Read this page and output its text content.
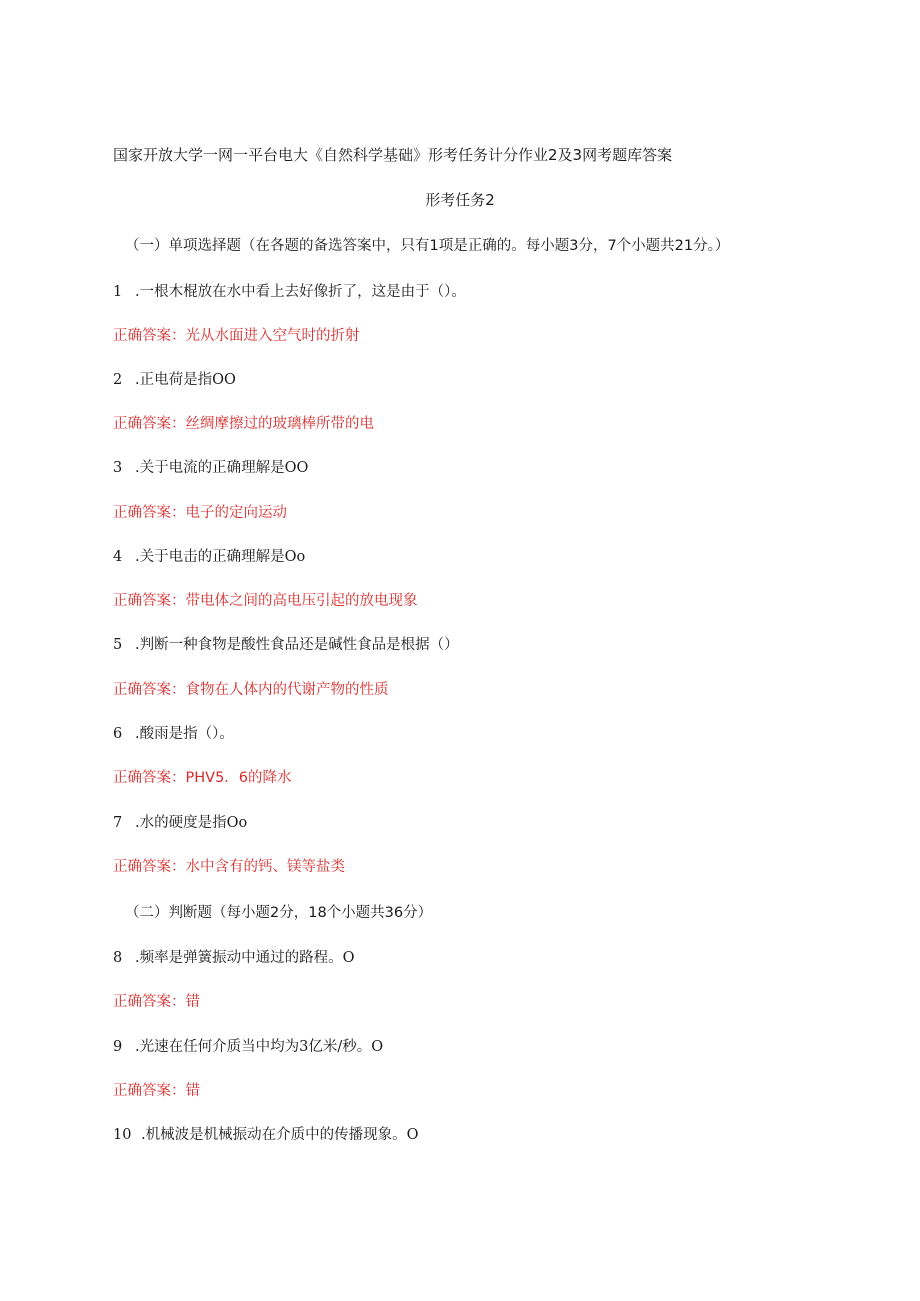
国家开放大学一网一平台电大《自然科学基础》形考任务计分作业2及3网考题库答案
形考任务2
（一）单项选择题（在各题的备选答案中，只有1项是正确的。每小题3分，7个小题共21分。）
1 .一根木棍放在水中看上去好像折了，这是由于（）。
正确答案：光从水面进入空气时的折射
2 .正电荷是指OO
正确答案：丝绸摩擦过的玻璃棒所带的电
3 .关于电流的正确理解是OO
正确答案：电子的定向运动
4 .关于电击的正确理解是Oo
正确答案：带电体之间的高电压引起的放电现象
5 .判断一种食物是酸性食品还是碱性食品是根据（）
正确答案：食物在人体内的代谢产物的性质
6 .酸雨是指（）。
正确答案：PHV5．6的降水
7 .水的硬度是指Oo
正确答案：水中含有的钙、镁等盐类
（二）判断题（每小题2分，18个小题共36分）
8 .频率是弹簧振动中通过的路程。O
正确答案：错
9 .光速在任何介质当中均为3亿米/秒。O
正确答案：错
10 .机械波是机械振动在介质中的传播现象。O
